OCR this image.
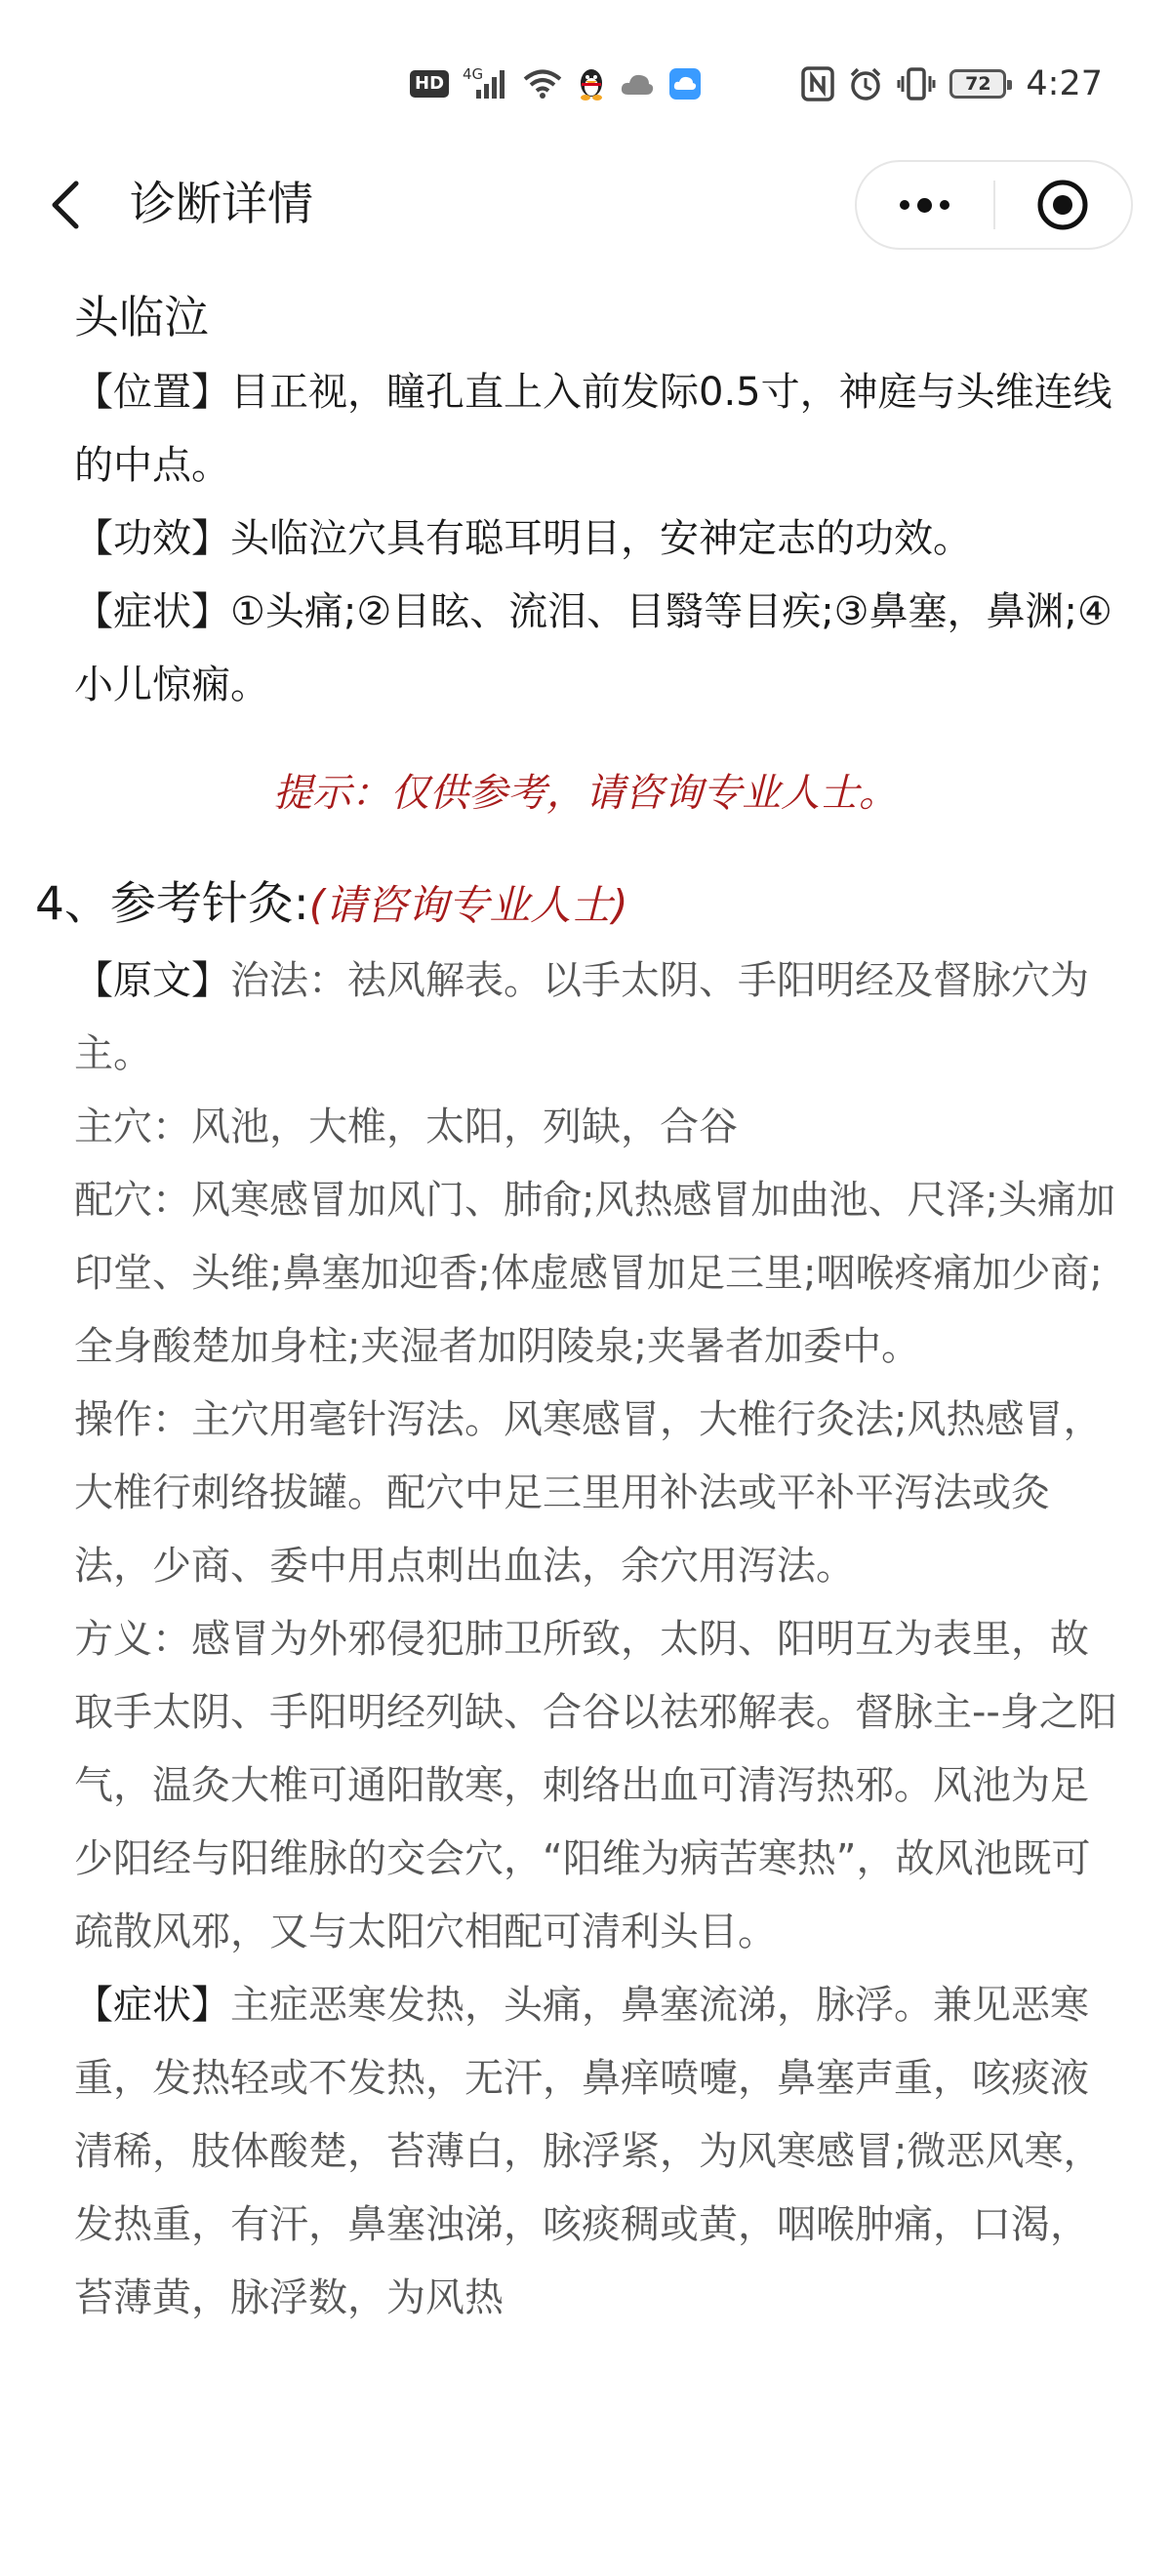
HD	4G	72 4:27
诊断详情
头临泣

【位置】目正视，瞳孔直上入前发际0.5寸，神庭与头维连线的中点。

【功效】头临泣穴具有聪耳明目，安神定志的功效。

【症状】①头痛;②目眩、流泪、目翳等目疾;③鼻塞，鼻渊;④小儿惊痫。

提示：仅供参考，请咨询专业人士。
4、参考针灸:(请咨询专业人士)

【原文】治法：祛风解表。以手太阴、手阳明经及督脉穴为主。

主穴：风池，大椎，太阳，列缺，合谷

配穴：风寒感冒加风门、肺俞;风热感冒加曲池、尺泽;头痛加印堂、头维;鼻塞加迎香;体虚感冒加足三里;咽喉疼痛加少商;全身酸楚加身柱;夹湿者加阴陵泉;夹暑者加委中。

操作：主穴用毫针泻法。风寒感冒，大椎行灸法;风热感冒，大椎行刺络拔罐。配穴中足三里用补法或平补平泻法或灸法，少商、委中用点刺出血法，余穴用泻法。

方义：感冒为外邪侵犯肺卫所致，太阴、阳明互为表里，故取手太阴、手阳明经列缺、合谷以祛邪解表。督脉主--身之阳气，温灸大椎可通阳散寒，刺络出血可清泻热邪。风池为足少阳经与阳维脉的交会穴，“阳维为病苦寒热”，故风池既可疏散风邪，又与太阳穴相配可清利头目。

【症状】主症恶寒发热，头痛，鼻塞流涕，脉浮。兼见恶寒重，发热轻或不发热，无汗，鼻痒喷嚏，鼻塞声重，咳痰液清稀，肢体酸楚，苔薄白，脉浮紧，为风寒感冒;微恶风寒，发热重，有汗，鼻塞浊涕，咳痰稠或黄，咽喉肿痛，口渴，苔薄黄，脉浮数，为风热
